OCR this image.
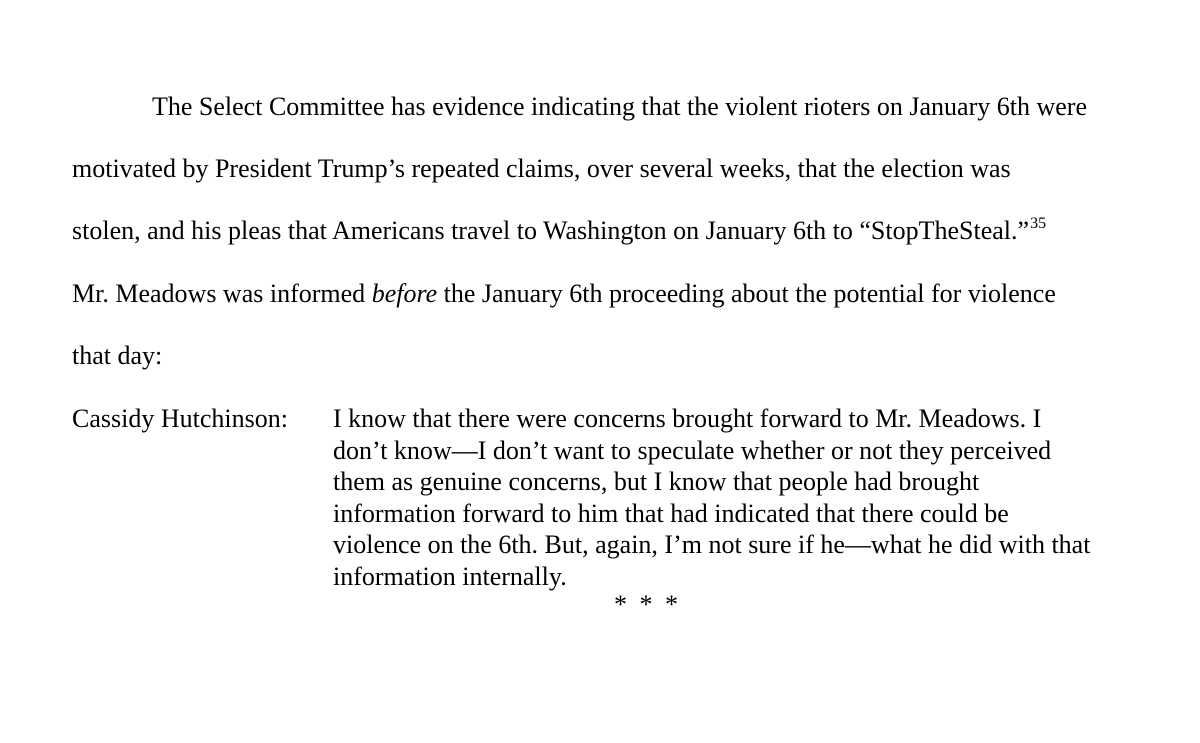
The Select Committee has evidence indicating that the violent rioters on January 6th were
motivated by President Trump’s repeated claims, over several weeks, that the election was
stolen, and his pleas that Americans travel to Washington on January 6th to “StopTheSteal.”$^{35}$
Mr. Meadows was informed before the January 6th proceeding about the potential for violence
that day:
Cassidy Hutchinson: I know that there were concerns brought forward to Mr. Meadows. I
don’t know—I don’t want to speculate whether or not they perceived
them as genuine concerns, but I know that people had brought
information forward to him that had indicated that there could be
violence on the 6th. But, again, I’m not sure if he—what he did with that
information internally.
* * *
